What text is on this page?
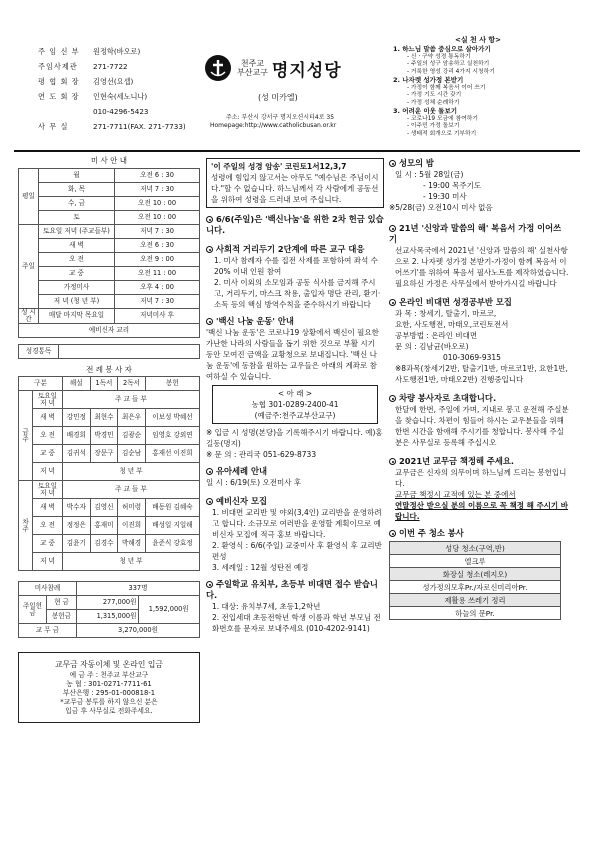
주 임 신 부	원정학(바오로)
주임사제관	271-7722
평 협 회 장	김영선(요셉)
연 도 회 장	인현숙(세노니나)
010-4296-5423
사 무 실	271-7711(FAX. 271-7733)
천주교
부산교구 명지성당
(성 미카엘)
주소: 부산시 강서구 명지오션시티4로 35
Homepage:http://www.catholicbusan.or.kr
<실 천 사 항>
1. 하느님 말씀 중심으로 살아가기
- 신 · 구약 성경 통독하기
- 주일의 성구 암송하고 실천하기
- 거룩한 영성 강리 4가지 시청하기
2. 나자렛 성가정 본받기
- 가정이 함께 복음서 이어 쓰기
- 가정 기도 시간 갖기
- 가정 성체 순례하기
3. 어려운 이웃 돌보기
- 코로나19 모금에 참여하기
- 이주민 가정 돌보기
- 생태적 회개으로 기부하기
미 사 안 내		
평일	월	오전 6 : 30
	화, 목	저녁 7 : 30
	수, 금	오전 10 : 00
	토	오전 10 : 00
주일	토요일 저녁 (주교들부)	저녁 7 : 30
	새 벽	오전 6 : 30
	오 전	오전 9 : 00
	교 중	오전 11 : 00
	가정미사	오후 4 : 00
	저 녁 (청 년 부)	저녁 7 : 30
성 시간	매달 마지막 목요일	저녁미사 후
예비신자 교리		
성경통독	
전 례 봉 사 자					
구분		해설	1독서	2독서	봉헌
금 주	토요일 저 녁	주 교 들 부			
	새 벽	강민정	최현수	최은우	이보성 박혜선
	오 전	배경희	박경민	김광순	임영호 강외연
	교 중	김귀석	장문구	김순남	홍재선 이진희
	저 녁	청 년 부			
차 주	토요일 저 녁	주 교 들 부			
	새 벽	박수자	김영신	허미령	배동원 김혜숙
	오 전	정정은	홍재미	이진희	배성일 지일해
	교 중	김윤기	김경수	박해경	윤준식 강효정
	저 녁	청 년 부			
미사참례		337명	
주일헌금	현 금	277,000원	1,592,000원
	봉헌금	1,315,000원	
교 무 금		3,270,000원	
교무금 자동이체 및 온라인 입금
예 금 주 : 천주교 부산교구
농 협 : 301-0271-7711-61
부산은행 : 295-01-000818-1
*교무금 봉투를 하지 않으신 분은
입금 후 사무실로 전화주세요.
'이 주일의 성경 암송' 코린토1서12,3,7
성령에 힘입지 않고서는 아무도 "예수님은 주님이시다."할 수 없습니다. 하느님께서 각 사람에게 공동선을 위하여 성령을 드러내 보여 주십니다.
6/6(주일)은 '백신나눔'을 위한 2차 헌금 있습니다.
사회적 거리두기 2단계에 따른 교구 대응
1. 미사 참례자 수를 집전 사제를 포함하여 좌석 수 20% 이내 인원 참여
2. 미사 이외의 소모임과 공동 식사를 금지해 주시고, 거리두기, 마스크 착용, 출입자 명단 관리, 환기·소독 등의 핵심 방역수칙을 준수하시기 바랍니다
'백신 나눔 운동' 안내
'백신 나눔 운동'은 코로나19 상황에서 백신이 필요한 가난한 나라의 사람들을 돕기 위한 것으로 부활 시기 동안 모여진 금액을 교황청으로 보내집니다. '백신 나눔 운동'에 동참을 원하는 교우들은 아래의 계좌로 참여하실 수 있습니다.
< 아 래 >
농협 301-0289-2400-41
(예금주:천주교부산교구)
※ 입금 시 성명(본당)을 기록해주시기 바랍니다. 예)홍길동(명지)
※ 문 의 : 관리국 051-629-8733
유아세례 안내
일 시 : 6/19(토) 오전미사 후
예비신자 모집
1. 비대면 교리반 및 야외(3,4인) 교리반을 운영하려고 합니다. 소규모로 여러반을 운영할 계획이므로 예비신자 모집에 적극 홍보 바랍니다.
2. 환영식 : 6/6(주일) 교중미사 후 환영식 후 교리반 편성
3. 세례일 : 12월 성탄전 예정
주일학교 유치부, 초등부 비대면 접수 받습니다.
1. 대상: 유치부7세, 초등1,2학년
2. 전입세대 초등전학년 학생 이름과 학년 부모님 전화번호를 문자로 보내주세요 (010-4202-9141)
성모의 밤
일 시 : 5월 28일(금)
- 19:00 목주기도
- 19:30 미사
※5/28(금) 오전10시 미사 없음
21년 '신앙과 말씀의 해' 복음서 가정 이어쓰기
선교사목국에서 2021년 '신앙과 말씀의 해' 실천사항으로 2. 나자렛 성가정 본받기-가정이 함께 복음서 이어쓰기'를 위하여 복음서 필사노트를 제작하였습니다. 필요하신 가정은 사무실에서 받아가시길 바랍니다
온라인 비대면 성경공부반 모집
과 목 : 창세기, 탈출기, 마르코,
요한, 사도행전, 마태오,코린토전서
공부방법 : 온라인 비대면
문 의 : 김남균(바오로)
010-3069-9315
※8과목(창세기2반, 탈출기1반, 마르코1반, 요한1반, 사도행전1반, 마태오2반) 진행중입니다
차량 봉사자로 초대합니다.
한달에 한번, 주일에 가며, 지내로 봉고 운전해 주실분을 찾습니다. 차편이 힘들어 하시는 교우분들을 위해 한번 시간을 함애해 주시기를 청합니다. 봉사해 주실분은 사무실로 등록해 주십시오
2021년 교무금 책정해 주세요.
교무금은 신자의 의무이며 하느님께 드리는 봉헌입니다.
교무금 책정시 교적에 있는 본 중에서
연말정산 받으실 분의 이름으로 꼭 책정 해 주시기 바랍니다.
이번 주 청소 봉사
성당 청소(구역,반)
엘크루
화장실 청소(레지오)
성가정의모후Pr./자로신미리아Pr.
제활용 쓰레기 정리
하늘의 문Pr.
